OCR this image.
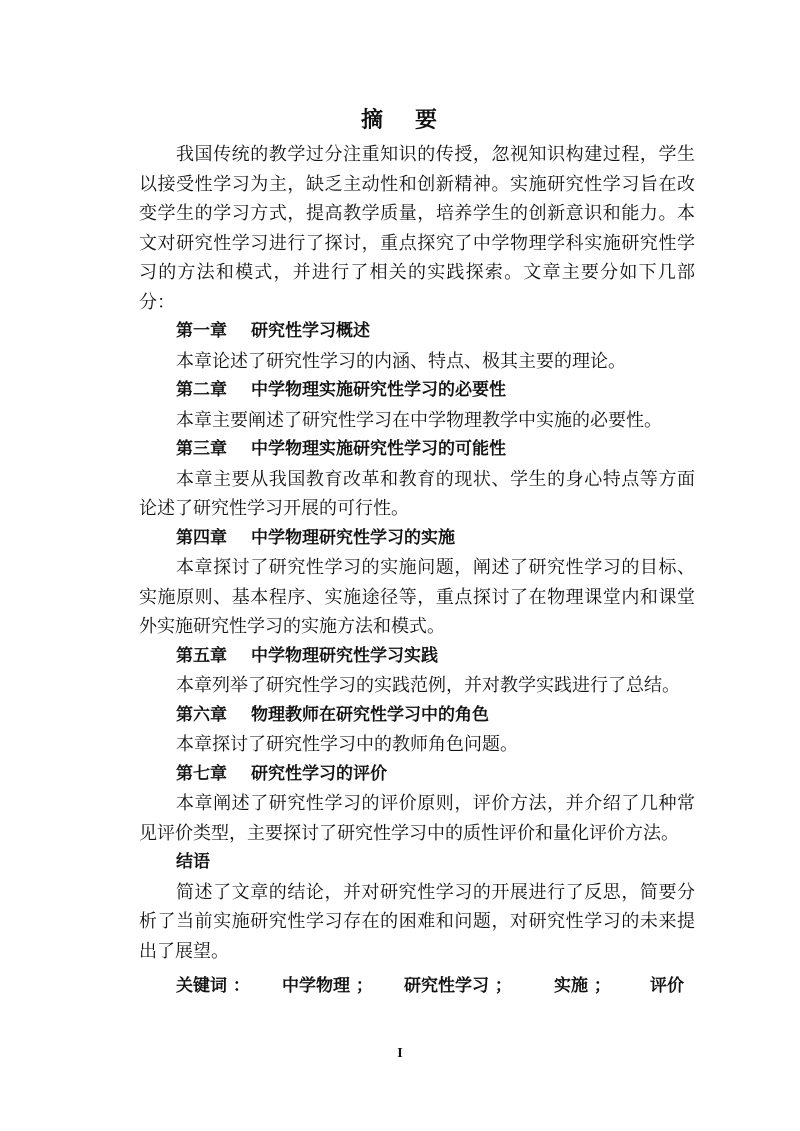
摘 要

我国传统的教学过分注重知识的传授，忽视知识构建过程，学生以接受性学习为主，缺乏主动性和创新精神。实施研究性学习旨在改变学生的学习方式，提高教学质量，培养学生的创新意识和能力。本文对研究性学习进行了探讨，重点探究了中学物理学科实施研究性学习的方法和模式，并进行了相关的实践探索。文章主要分如下几部分：

第一章 研究性学习概述

本章论述了研究性学习的内涵、特点、极其主要的理论。

第二章 中学物理实施研究性学习的必要性

本章主要阐述了研究性学习在中学物理教学中实施的必要性。

第三章 中学物理实施研究性学习的可能性

本章主要从我国教育改革和教育的现状、学生的身心特点等方面论述了研究性学习开展的可行性。

第四章 中学物理研究性学习的实施

本章探讨了研究性学习的实施问题，阐述了研究性学习的目标、实施原则、基本程序、实施途径等，重点探讨了在物理课堂内和课堂外实施研究性学习的实施方法和模式。

第五章 中学物理研究性学习实践

本章列举了研究性学习的实践范例，并对教学实践进行了总结。

第六章 物理教师在研究性学习中的角色

本章探讨了研究性学习中的教师角色问题。

第七章 研究性学习的评价

本章阐述了研究性学习的评价原则，评价方法，并介绍了几种常见评价类型，主要探讨了研究性学习中的质性评价和量化评价方法。

结语

简述了文章的结论，并对研究性学习的开展进行了反思，简要分析了当前实施研究性学习存在的困难和问题，对研究性学习的未来提出了展望。

关键词 ：	中学物理 ；	研究性学习 ；	实施 ；	评价
I
